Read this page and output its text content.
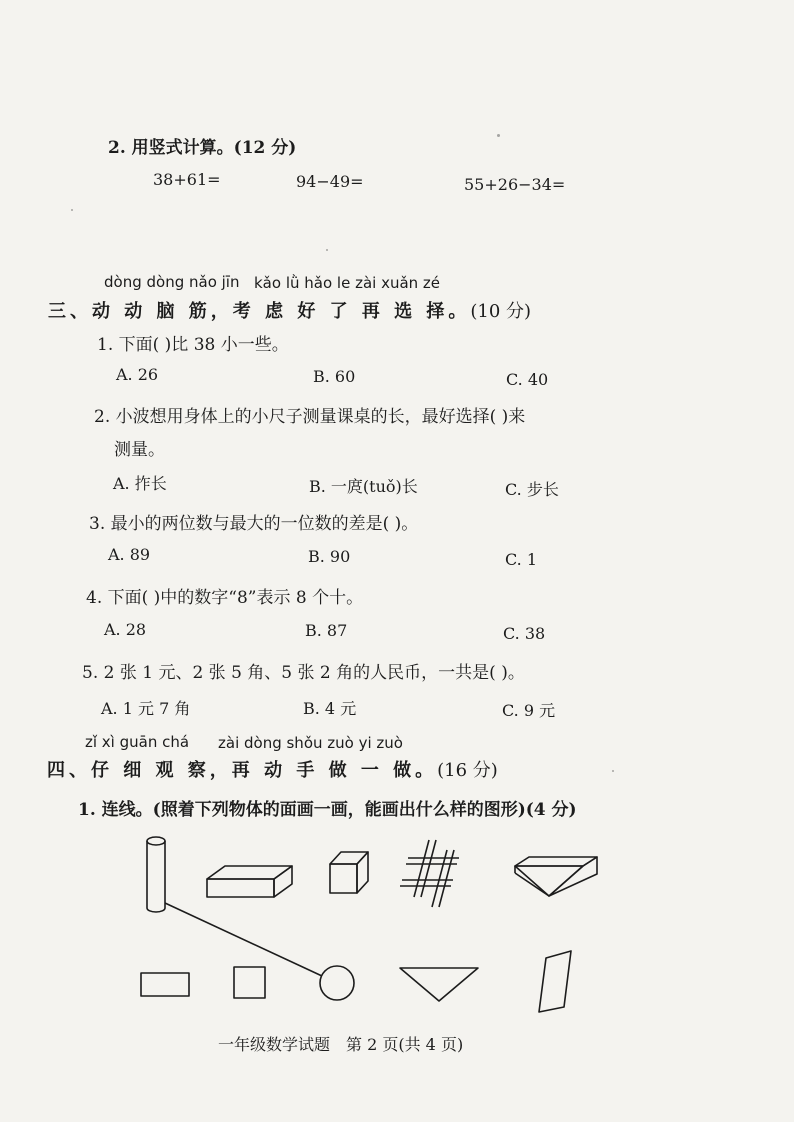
2. 用竖式计算。(12 分)
38+61=	94−49=	55+26−34=
dòng dòng nǎo jīn kǎo lǜ hǎo le zài xuǎn zé
三、动 动 脑 筋，考 虑 好 了 再 选 择。(10 分)
1. 下面( )比 38 小一些。
A. 26	B. 60	C. 40
2. 小波想用身体上的小尺子测量课桌的长，最好选择( )来
测量。
A. 拃长	B. 一庹(tuǒ)长	C. 步长
3. 最小的两位数与最大的一位数的差是( )。
A. 89	B. 90	C. 1
4. 下面( )中的数字“8”表示 8 个十。
A. 28	B. 87	C. 38
5. 2 张 1 元、2 张 5 角、5 张 2 角的人民币，一共是( )。
A. 1 元 7 角	B. 4 元	C. 9 元
zǐ xì guān chá zài dòng shǒu zuò yi zuò
四、仔 细 观 察，再 动 手 做 一 做。(16 分)
1. 连线。(照着下列物体的面画一画，能画出什么样的图形)(4 分)
一年级数学试题　第 2 页(共 4 页)
